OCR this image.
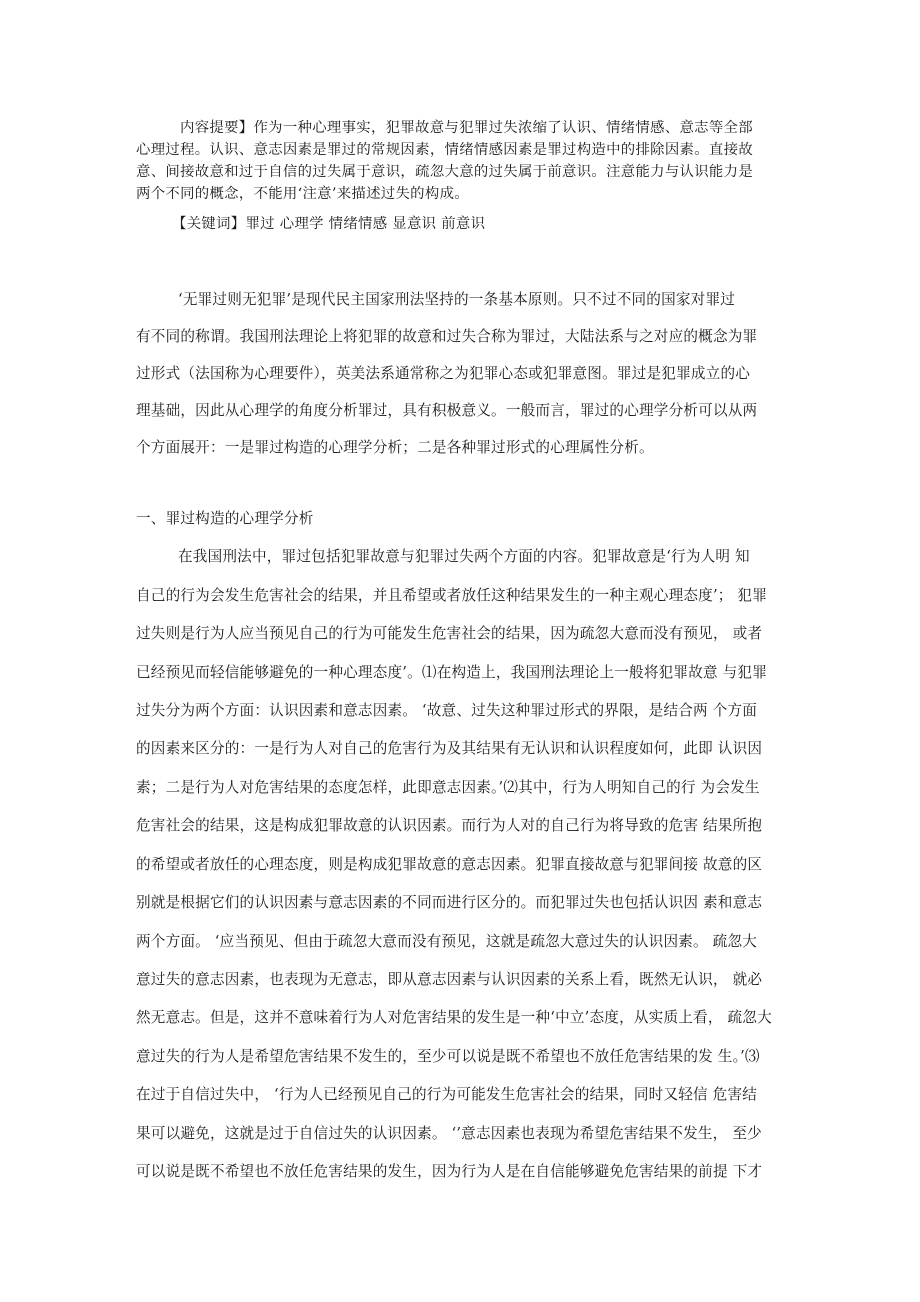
内容提要】作为一种心理事实，犯罪故意与犯罪过失浓缩了认识、情绪情感、意志等全部
心理过程。认识、意志因素是罪过的常规因素，情绪情感因素是罪过构造中的排除因素。直接故
意、间接故意和过于自信的过失属于意识，疏忽大意的过失属于前意识。注意能力与认识能力是
两个不同的概念，不能用‘注意’来描述过失的构成。
【关键词】罪过 心理学 情绪情感 显意识 前意识
‘无罪过则无犯罪’是现代民主国家刑法坚持的一条基本原则。只不过不同的国家对罪过
有不同的称谓。我国刑法理论上将犯罪的故意和过失合称为罪过，大陆法系与之对应的概念为罪
过形式（法国称为心理要件），英美法系通常称之为犯罪心态或犯罪意图。罪过是犯罪成立的心
理基础，因此从心理学的角度分析罪过，具有积极意义。一般而言，罪过的心理学分析可以从两
个方面展开：一是罪过构造的心理学分析；二是各种罪过形式的心理属性分析。
一、罪过构造的心理学分析
在我国刑法中，罪过包括犯罪故意与犯罪过失两个方面的内容。犯罪故意是‘行为人明 知
自己的行为会发生危害社会的结果，并且希望或者放任这种结果发生的一种主观心理态度’； 犯罪
过失则是行为人应当预见自己的行为可能发生危害社会的结果，因为疏忽大意而没有预见， 或者
已经预见而轻信能够避免的一种心理态度’。⑴在构造上，我国刑法理论上一般将犯罪故意 与犯罪
过失分为两个方面：认识因素和意志因素。 ‘故意、过失这种罪过形式的界限，是结合两 个方面
的因素来区分的：一是行为人对自己的危害行为及其结果有无认识和认识程度如何，此即 认识因
素；二是行为人对危害结果的态度怎样，此即意志因素。’⑵其中，行为人明知自己的行 为会发生
危害社会的结果，这是构成犯罪故意的认识因素。而行为人对的自己行为将导致的危害 结果所抱
的希望或者放任的心理态度，则是构成犯罪故意的意志因素。犯罪直接故意与犯罪间接 故意的区
别就是根据它们的认识因素与意志因素的不同而进行区分的。而犯罪过失也包括认识因 素和意志
两个方面。 ‘应当预见、但由于疏忽大意而没有预见，这就是疏忽大意过失的认识因素。 疏忽大
意过失的意志因素，也表现为无意志，即从意志因素与认识因素的关系上看，既然无认识， 就必
然无意志。但是，这并不意味着行为人对危害结果的发生是一种‘中立’态度，从实质上看， 疏忽大
意过失的行为人是希望危害结果不发生的，至少可以说是既不希望也不放任危害结果的发 生。’⑶
在过于自信过失中， ‘行为人已经预见自己的行为可能发生危害社会的结果，同时又轻信 危害结
果可以避免，这就是过于自信过失的认识因素。 ‘’意志因素也表现为希望危害结果不发生， 至少
可以说是既不希望也不放任危害结果的发生，因为行为人是在自信能够避免危害结果的前提 下才
